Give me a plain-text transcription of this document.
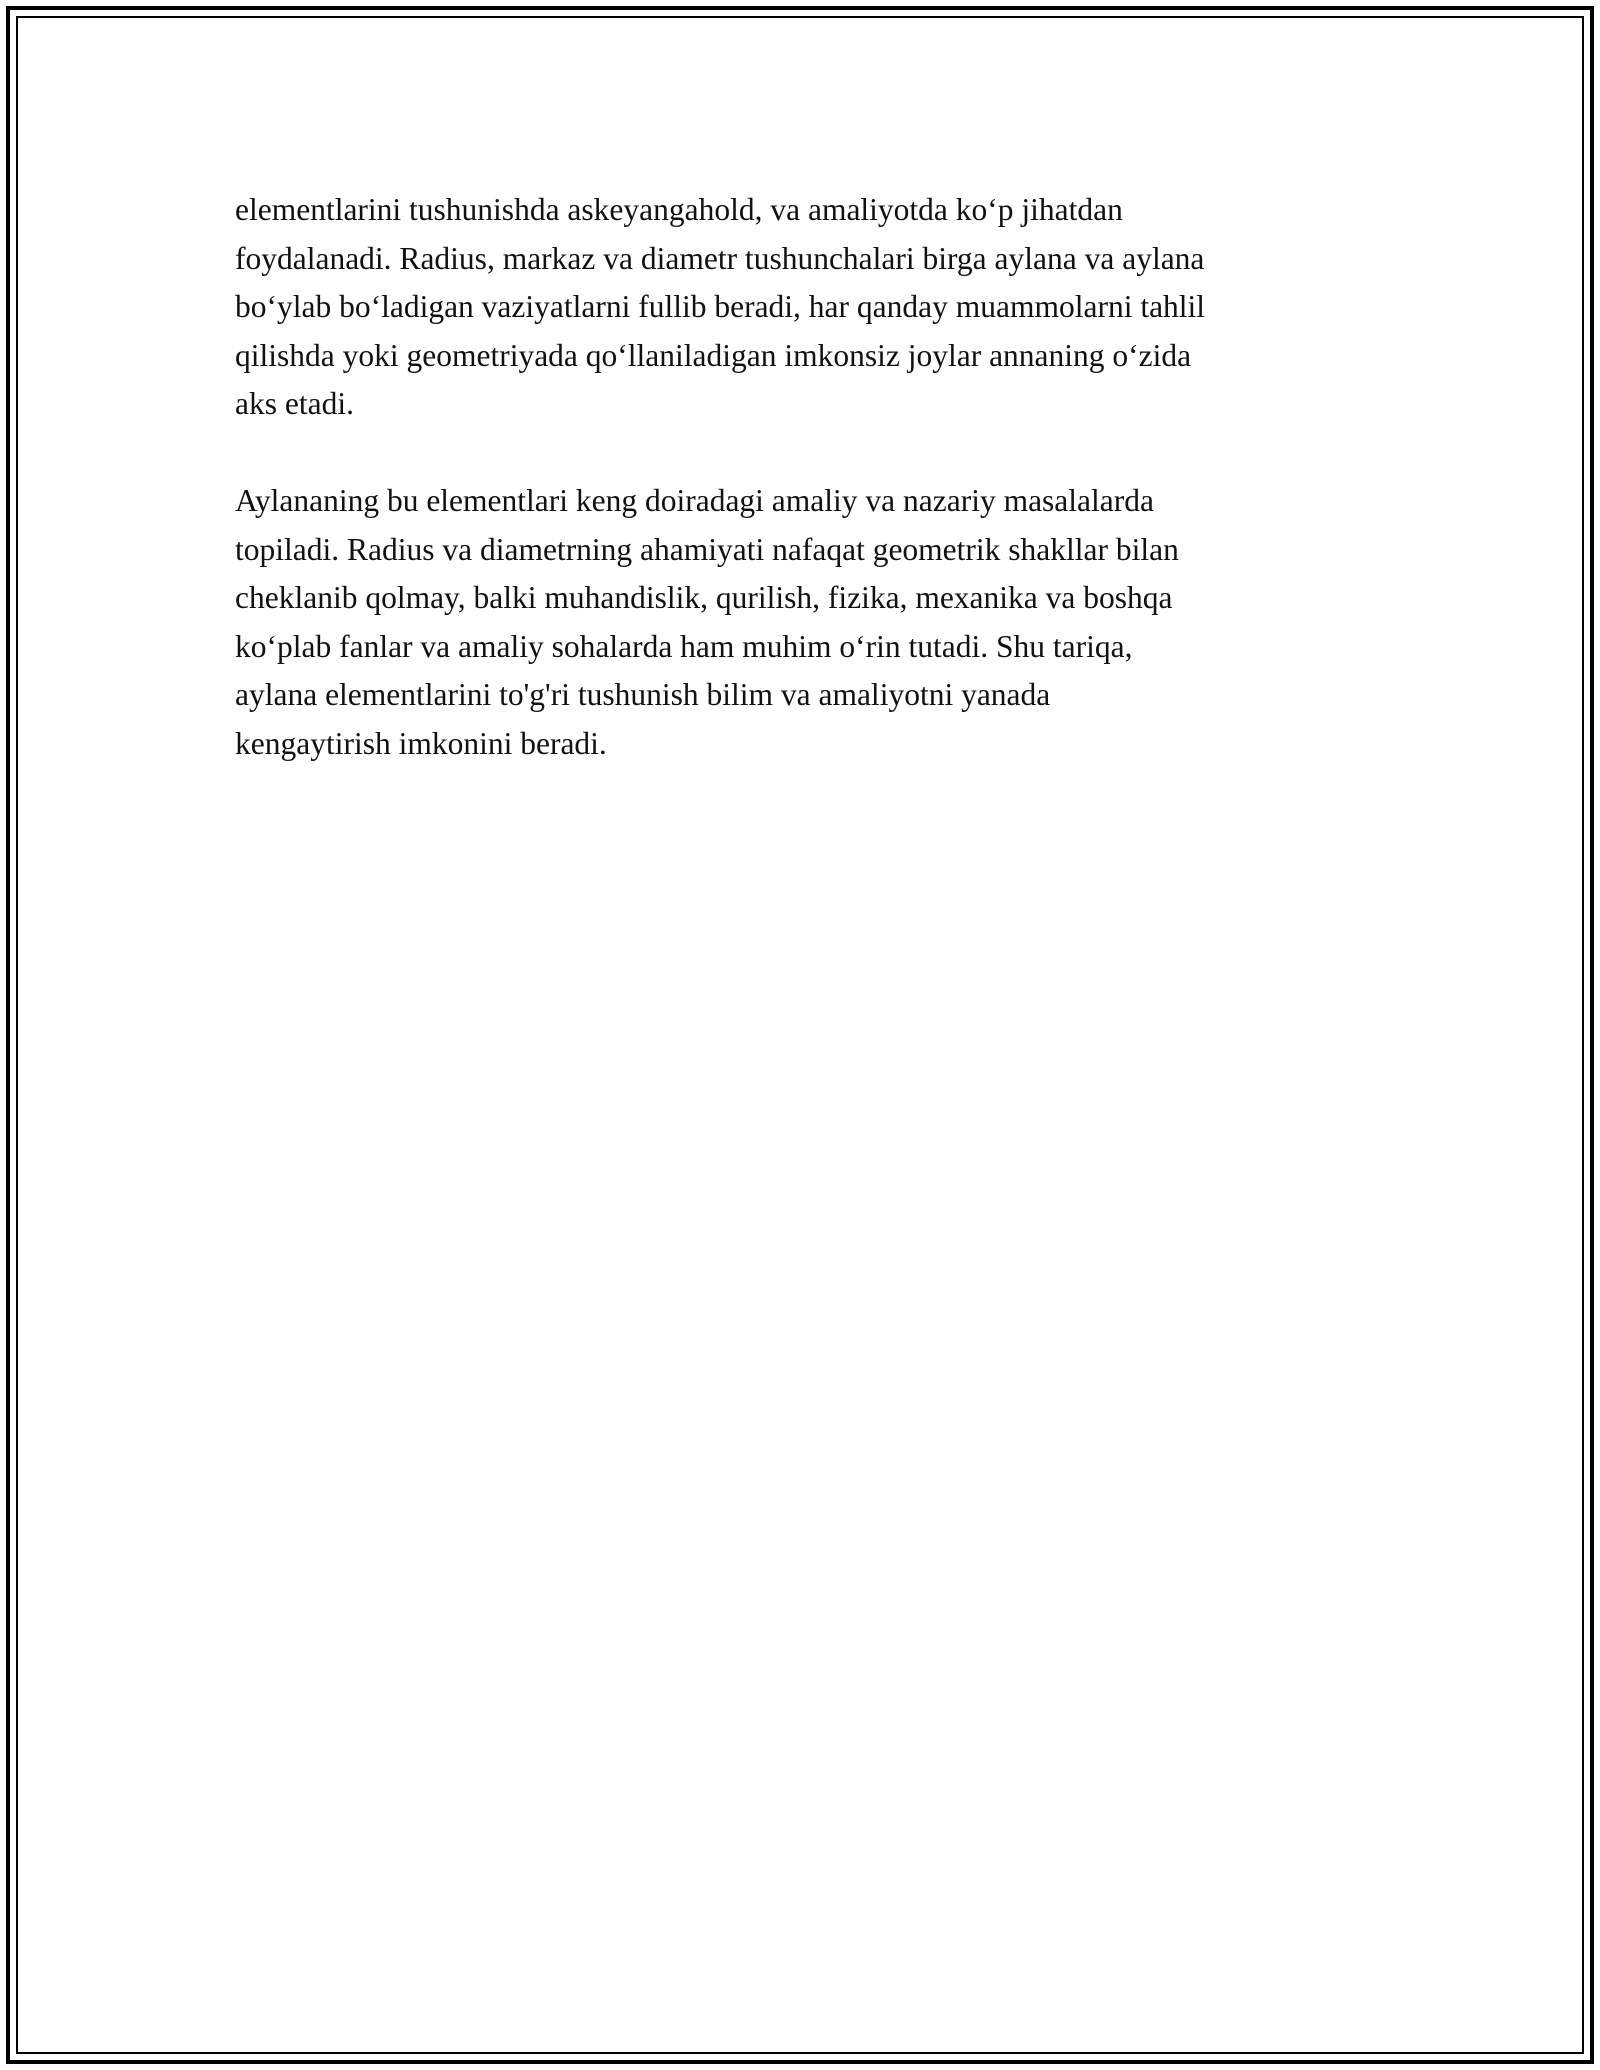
elementlarini tushunishda askeyangahold, va amaliyotda ko‘p jihatdan
foydalanadi. Radius, markaz va diametr tushunchalari birga aylana va aylana
bo‘ylab bo‘ladigan vaziyatlarni fullib beradi, har qanday muammolarni tahlil
qilishda yoki geometriyada qo‘llaniladigan imkonsiz joylar annaning o‘zida
aks etadi.

Aylananing bu elementlari keng doiradagi amaliy va nazariy masalalarda
topiladi. Radius va diametrning ahamiyati nafaqat geometrik shakllar bilan
cheklanib qolmay, balki muhandislik, qurilish, fizika, mexanika va boshqa
ko‘plab fanlar va amaliy sohalarda ham muhim o‘rin tutadi. Shu tariqa,
aylana elementlarini to'g'ri tushunish bilim va amaliyotni yanada
kengaytirish imkonini beradi.
